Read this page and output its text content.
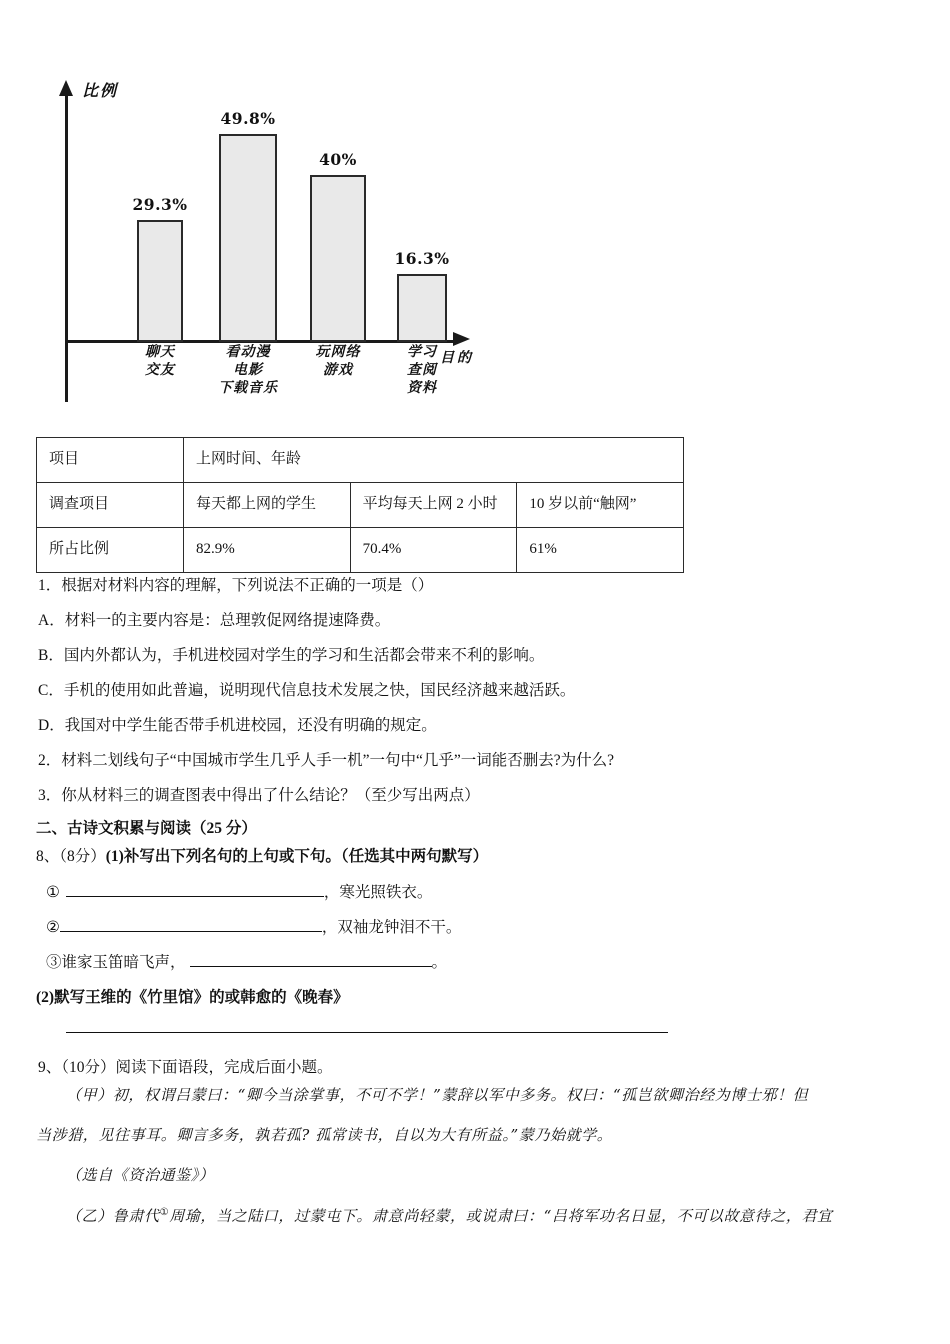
比例
目的
29.3%
聊天
交友
49.8%
看动漫
电影
下载音乐
40%
玩网络
游戏
16.3%
学习
查阅
资料
项目	上网时间、年龄		
调查项目	每天都上网的学生	平均每天上网 2 小时	10 岁以前“触网”
所占比例	82.9%	70.4%	61%
1．根据对材料内容的理解，下列说法不正确的一项是（）
A．材料一的主要内容是：总理敦促网络提速降费。
B．国内外都认为，手机进校园对学生的学习和生活都会带来不利的影响。
C．手机的使用如此普遍，说明现代信息技术发展之快，国民经济越来越活跃。
D．我国对中学生能否带手机进校园，还没有明确的规定。
2．材料二划线句子“中国城市学生几乎人手一机”一句中“几乎”一词能否删去?为什么?
3．你从材料三的调查图表中得出了什么结论？（至少写出两点）
二、古诗文积累与阅读（25 分）
8、（8分）(1)补写出下列名句的上句或下句。（任选其中两句默写）
①	，寒光照铁衣。
②	，双袖龙钟泪不干。
③谁家玉笛暗飞声，	。
(2)默写王维的《竹里馆》的或韩愈的《晚春》
9、（10分）阅读下面语段，完成后面小题。
（甲）初，权谓吕蒙曰：“卿今当涂掌事，不可不学！”蒙辞以军中多务。权曰：“孤岂欲卿治经为博士邪！但
当涉猎，见往事耳。卿言多务，孰若孤? 孤常读书，自以为大有所益。”蒙乃始就学。
（选自《资治通鉴》）
（乙）鲁肃代①周瑜，当之陆口，过蒙屯下。肃意尚轻蒙，或说肃曰：“吕将军功名日显，不可以故意待之，君宜
